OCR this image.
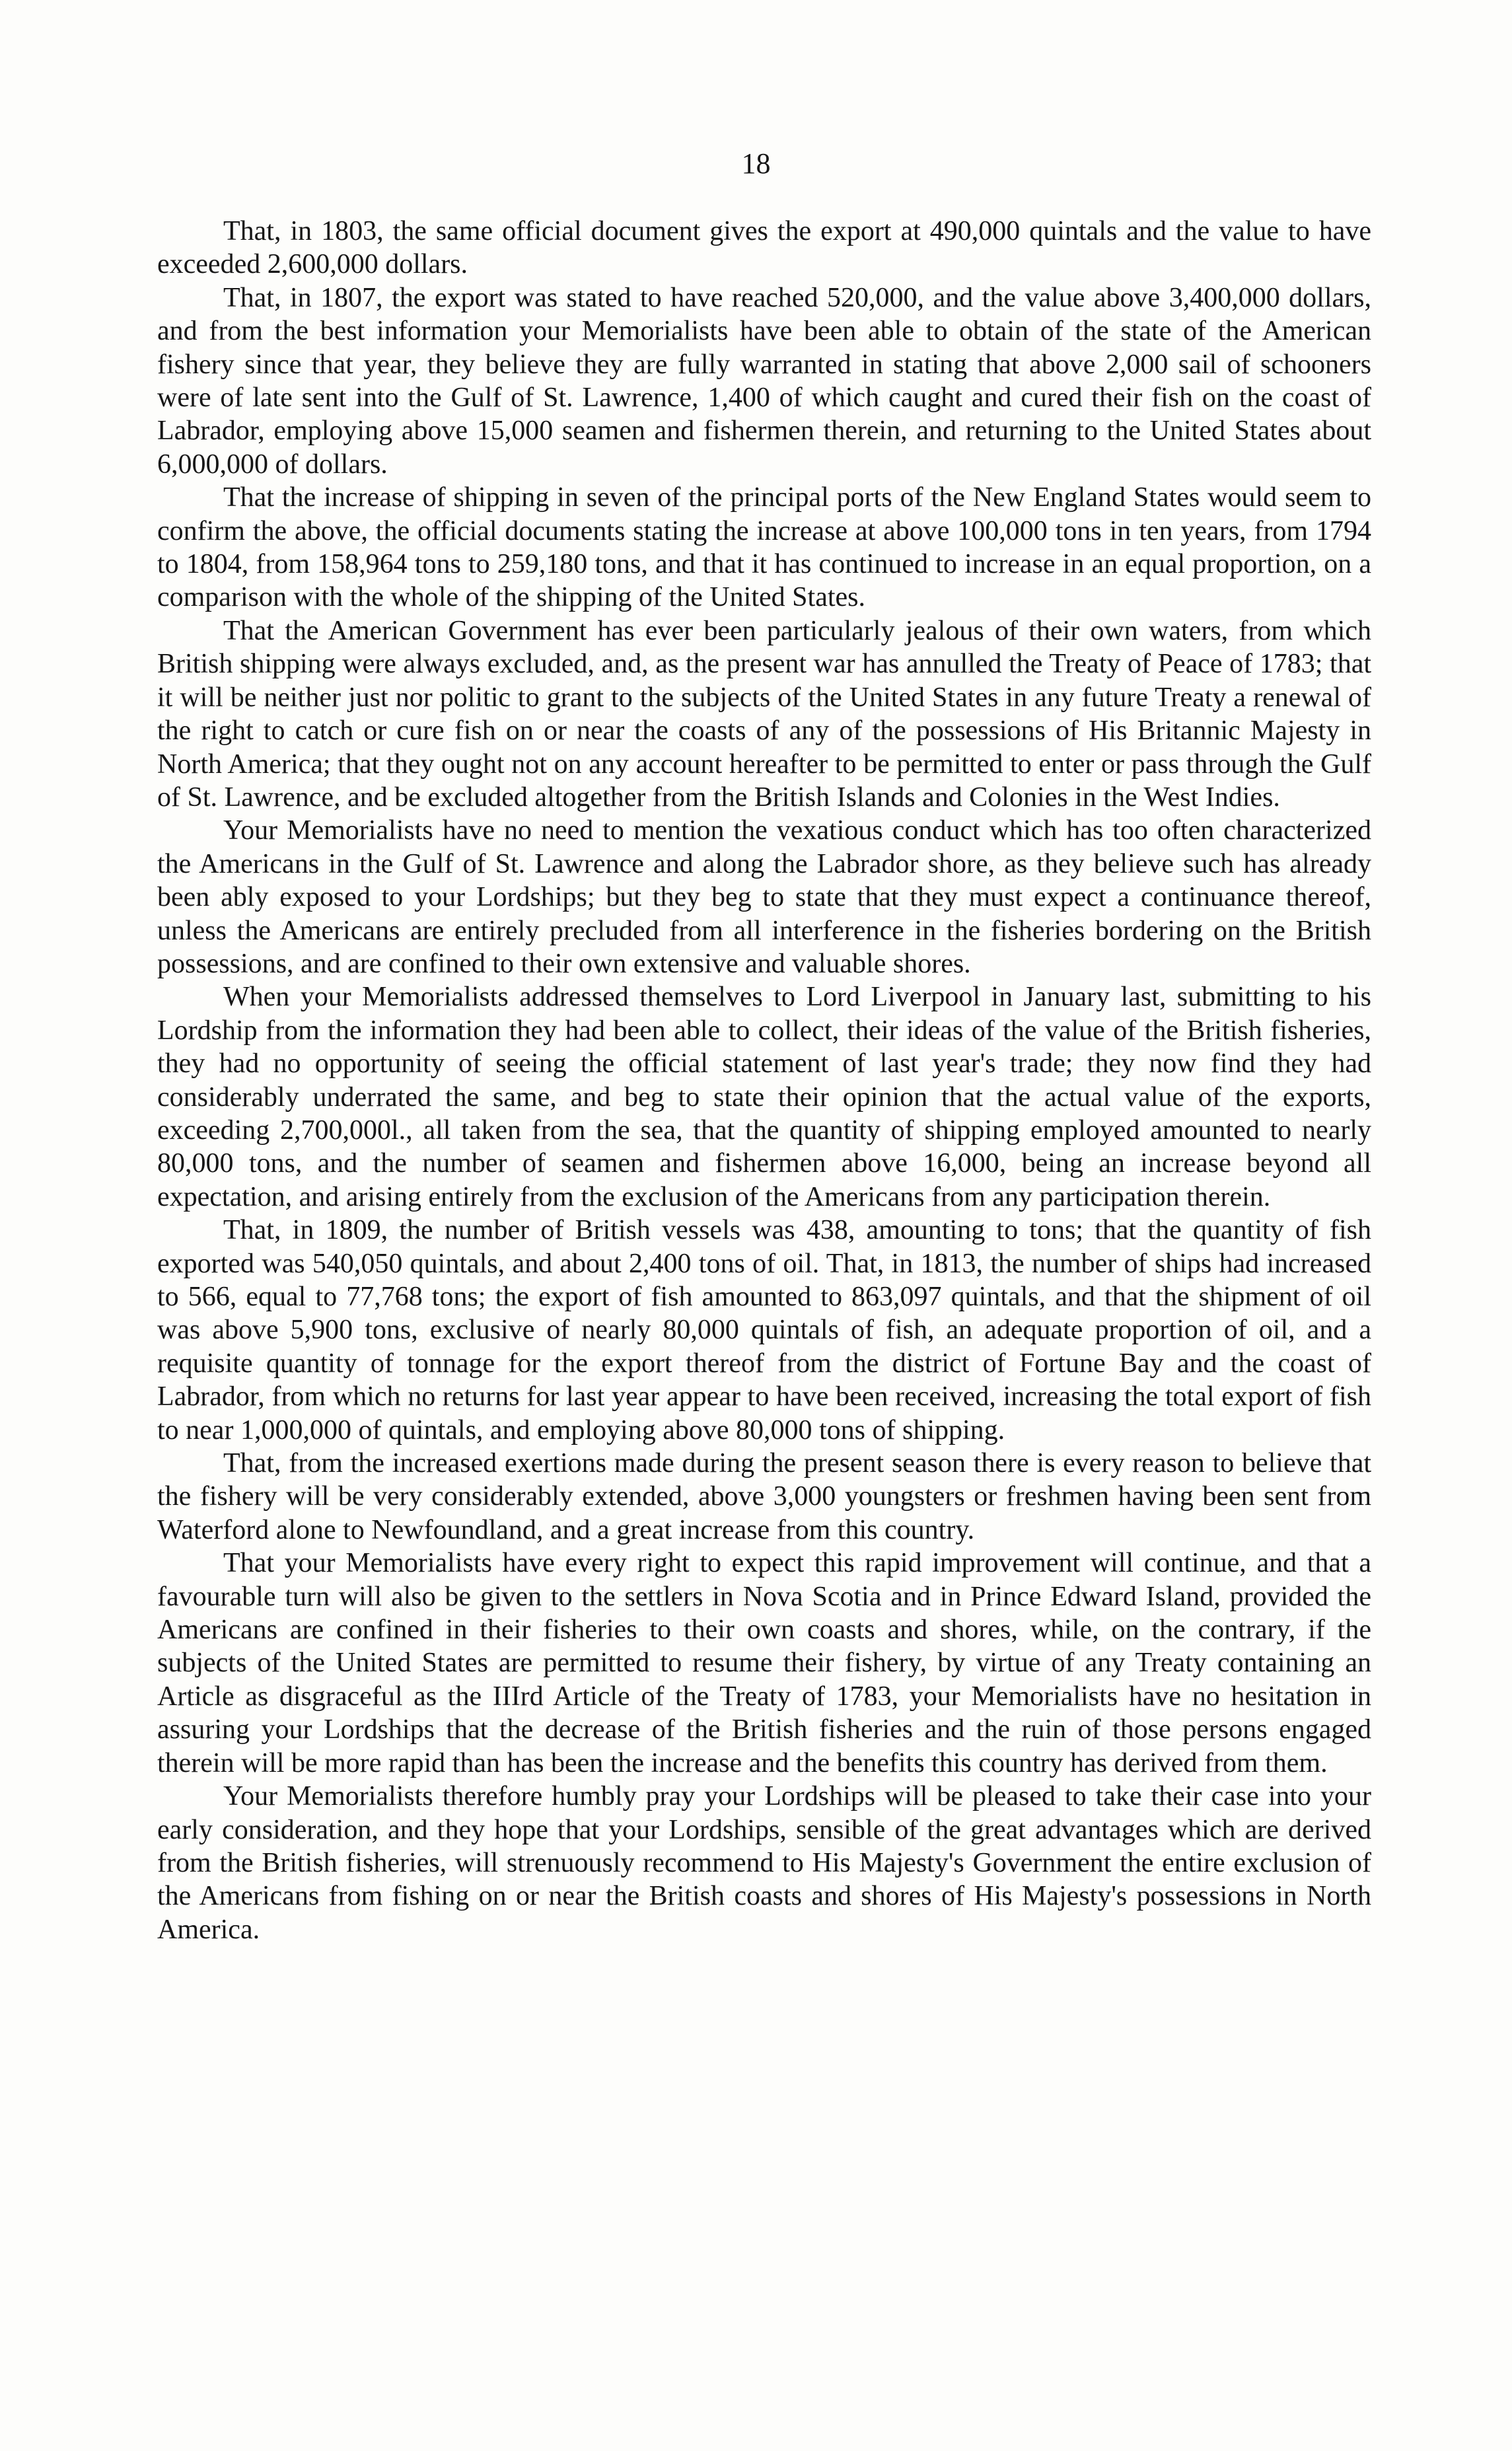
18

That, in 1803, the same official document gives the export at 490,000 quintals and the value to have exceeded 2,600,000 dollars.

That, in 1807, the export was stated to have reached 520,000, and the value above 3,400,000 dollars, and from the best information your Memorialists have been able to obtain of the state of the American fishery since that year, they believe they are fully warranted in stating that above 2,000 sail of schooners were of late sent into the Gulf of St. Lawrence, 1,400 of which caught and cured their fish on the coast of Labrador, employing above 15,000 seamen and fishermen therein, and returning to the United States about 6,000,000 of dollars.

That the increase of shipping in seven of the principal ports of the New England States would seem to confirm the above, the official documents stating the increase at above 100,000 tons in ten years, from 1794 to 1804, from 158,964 tons to 259,180 tons, and that it has continued to increase in an equal proportion, on a comparison with the whole of the shipping of the United States.

That the American Government has ever been particularly jealous of their own waters, from which British shipping were always excluded, and, as the present war has annulled the Treaty of Peace of 1783; that it will be neither just nor politic to grant to the subjects of the United States in any future Treaty a renewal of the right to catch or cure fish on or near the coasts of any of the possessions of His Britannic Majesty in North America; that they ought not on any account hereafter to be permitted to enter or pass through the Gulf of St. Lawrence, and be excluded altogether from the British Islands and Colonies in the West Indies.

Your Memorialists have no need to mention the vexatious conduct which has too often characterized the Americans in the Gulf of St. Lawrence and along the Labrador shore, as they believe such has already been ably exposed to your Lordships; but they beg to state that they must expect a continuance thereof, unless the Americans are entirely precluded from all interference in the fisheries bordering on the British possessions, and are confined to their own extensive and valuable shores.

When your Memorialists addressed themselves to Lord Liverpool in January last, submitting to his Lordship from the information they had been able to collect, their ideas of the value of the British fisheries, they had no opportunity of seeing the official statement of last year's trade; they now find they had considerably underrated the same, and beg to state their opinion that the actual value of the exports, exceeding 2,700,000l., all taken from the sea, that the quantity of shipping employed amounted to nearly 80,000 tons, and the number of seamen and fishermen above 16,000, being an increase beyond all expectation, and arising entirely from the exclusion of the Americans from any participation therein.

That, in 1809, the number of British vessels was 438, amounting to tons; that the quantity of fish exported was 540,050 quintals, and about 2,400 tons of oil. That, in 1813, the number of ships had increased to 566, equal to 77,768 tons; the export of fish amounted to 863,097 quintals, and that the shipment of oil was above 5,900 tons, exclusive of nearly 80,000 quintals of fish, an adequate proportion of oil, and a requisite quantity of tonnage for the export thereof from the district of Fortune Bay and the coast of Labrador, from which no returns for last year appear to have been received, increasing the total export of fish to near 1,000,000 of quintals, and employing above 80,000 tons of shipping.

That, from the increased exertions made during the present season there is every reason to believe that the fishery will be very considerably extended, above 3,000 youngsters or freshmen having been sent from Waterford alone to Newfoundland, and a great increase from this country.

That your Memorialists have every right to expect this rapid improvement will continue, and that a favourable turn will also be given to the settlers in Nova Scotia and in Prince Edward Island, provided the Americans are confined in their fisheries to their own coasts and shores, while, on the contrary, if the subjects of the United States are permitted to resume their fishery, by virtue of any Treaty containing an Article as disgraceful as the IIIrd Article of the Treaty of 1783, your Memorialists have no hesitation in assuring your Lordships that the decrease of the British fisheries and the ruin of those persons engaged therein will be more rapid than has been the increase and the benefits this country has derived from them.

Your Memorialists therefore humbly pray your Lordships will be pleased to take their case into your early consideration, and they hope that your Lordships, sensible of the great advantages which are derived from the British fisheries, will strenuously recommend to His Majesty's Government the entire exclusion of the Americans from fishing on or near the British coasts and shores of His Majesty's possessions in North America.
